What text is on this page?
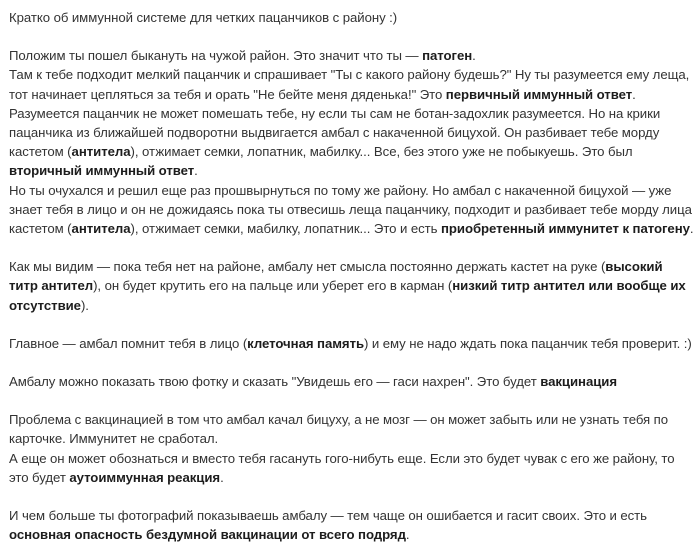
Кратко об иммунной системе для четких пацанчиков с району :)

Положим ты пошел быкануть на чужой район. Это значит что ты — патоген.

Там к тебе подходит мелкий пацанчик и спрашивает "Ты с какого району будешь?" Ну ты разумеется ему леща, тот начинает цепляться за тебя и орать "Не бейте меня дяденька!" Это первичный иммунный ответ.

Разумеется пацанчик не может помешать тебе, ну если ты сам не ботан-задохлик разумеется. Но на крики пацанчика из ближайшей подворотни выдвигается амбал с накаченной бицухой. Он разбивает тебе морду кастетом (антитела), отжимает семки, лопатник, мабилку... Все, без этого уже не побыкуешь. Это был вторичный иммунный ответ.

Но ты очухался и решил еще раз прошвырнуться по тому же району. Но амбал с накаченной бицухой — уже знает тебя в лицо и он не дожидаясь пока ты отвесишь леща пацанчику, подходит и разбивает тебе морду лица кастетом (антитела), отжимает семки, мабилку, лопатник... Это и есть приобретенный иммунитет к патогену.

Как мы видим — пока тебя нет на районе, амбалу нет смысла постоянно держать кастет на руке (высокий титр антител), он будет крутить его на пальце или уберет его в карман (низкий титр антител или вообще их отсутствие).

Главное — амбал помнит тебя в лицо (клеточная память) и ему не надо ждать пока пацанчик тебя проверит. :)

Амбалу можно показать твою фотку и сказать "Увидешь его — гаси нахрен". Это будет вакцинация

Проблема с вакцинацией в том что амбал качал бицуху, а не мозг — он может забыть или не узнать тебя по карточке. Иммунитет не сработал.

А еще он может обознаться и вместо тебя гасануть гого-нибуть еще. Если это будет чувак с его же району, то это будет аутоиммунная реакция.

И чем больше ты фотографий показываешь амбалу — тем чаще он ошибается и гасит своих. Это и есть основная опасность бездумной вакцинации от всего подряд.
